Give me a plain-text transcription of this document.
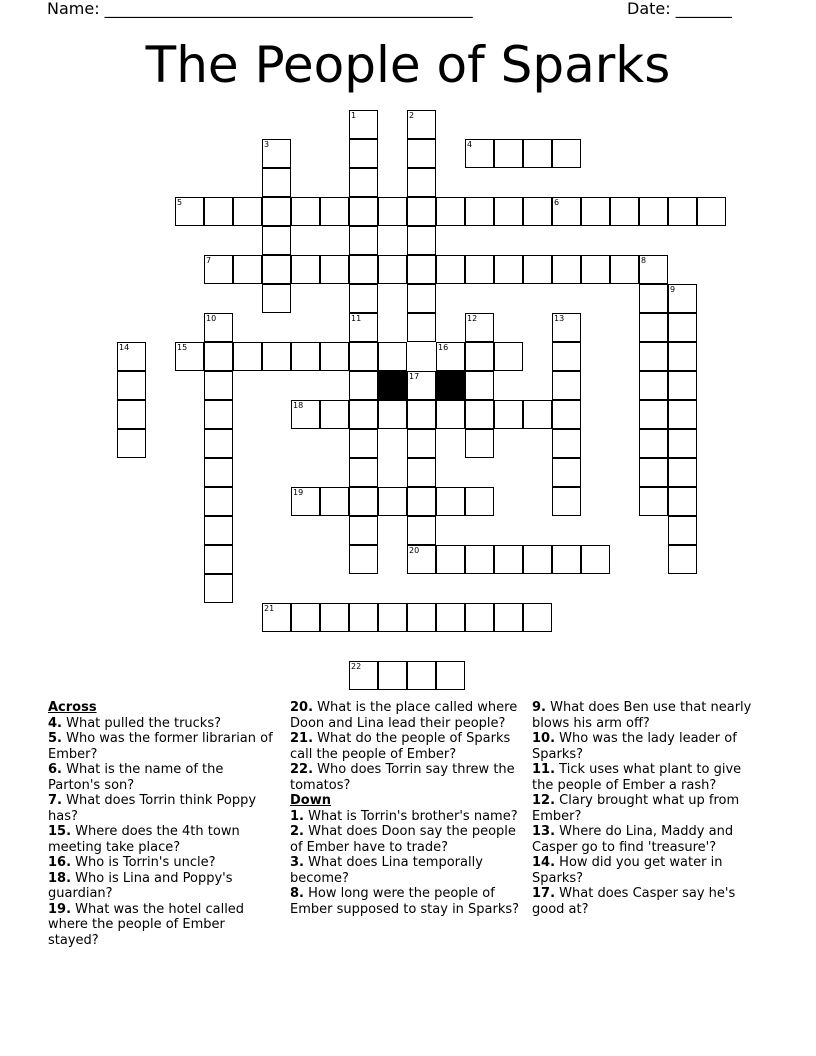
Name: ______________________________________________	Date: _______
The People of Sparks
4
5	6
7	8
15	16
17
18
19
20
21
22
1
11
2
3
9
10	12	13
14
Across
4. What pulled the trucks?
5. Who was the former librarian of Ember?
6. What is the name of the Parton's son?
7. What does Torrin think Poppy has?
15. Where does the 4th town meeting take place?
16. Who is Torrin's uncle?
18. Who is Lina and Poppy's guardian?
19. What was the hotel called where the people of Ember stayed?
20. What is the place called where Doon and Lina lead their people?
21. What do the people of Sparks call the people of Ember?
22. Who does Torrin say threw the tomatos?
Down
1. What is Torrin's brother's name?
2. What does Doon say the people of Ember have to trade?
3. What does Lina temporally become?
8. How long were the people of Ember supposed to stay in Sparks?
9. What does Ben use that nearly blows his arm off?
10. Who was the lady leader of Sparks?
11. Tick uses what plant to give the people of Ember a rash?
12. Clary brought what up from Ember?
13. Where do Lina, Maddy and Casper go to find 'treasure'?
14. How did you get water in Sparks?
17. What does Casper say he's good at?
